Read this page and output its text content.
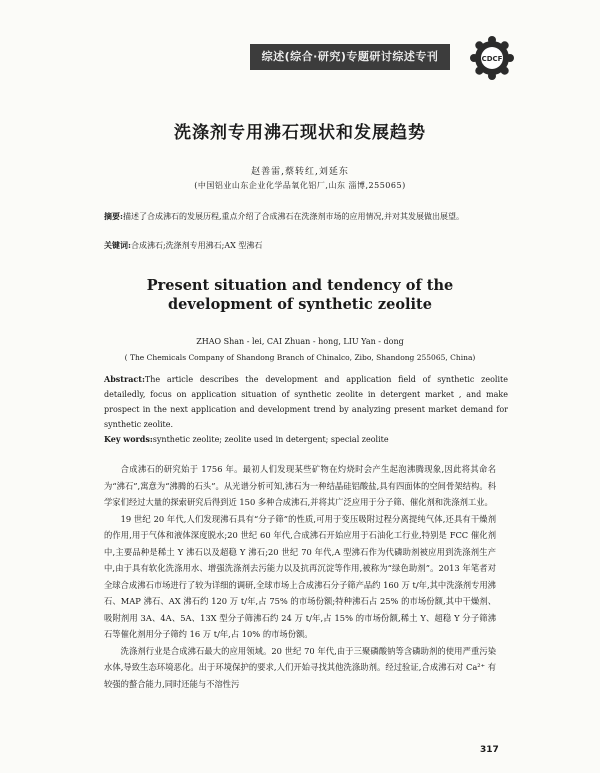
综述(综合·研究)专题研讨综述专刊	CDCF
洗涤剂专用沸石现状和发展趋势
赵善雷,蔡转红,刘延东
(中国铝业山东企业化学品氧化铝厂,山东 淄博,255065)
摘要:描述了合成沸石的发展历程,重点介绍了合成沸石在洗涤剂市场的应用情况,并对其发展做出展望。
关键词:合成沸石;洗涤剂专用沸石;AX 型沸石
Present situation and tendency of the
development of synthetic zeolite
ZHAO Shan - lei, CAI Zhuan - hong, LIU Yan - dong
( The Chemicals Company of Shandong Branch of Chinalco, Zibo, Shandong 255065, China)
Abstract:The article describes the development and application field of synthetic zeolite detailedly, focus on application situation of synthetic zeolite in detergent market , and make prospect in the next application and development trend by analyzing present market demand for synthetic zeolite.
Key words:synthetic zeolite; zeolite used in detergent; special zeolite

合成沸石的研究始于 1756 年。最初人们发现某些矿物在灼烧时会产生起泡沸腾现象,因此将其命名为“沸石”,寓意为“沸腾的石头”。从光谱分析可知,沸石为一种结晶硅铝酸盐,具有四面体的空间骨架结构。科学家们经过大量的探索研究后得到近 150 多种合成沸石,并将其广泛应用于分子筛、催化剂和洗涤剂工业。

19 世纪 20 年代,人们发现沸石具有“分子筛”的性质,可用于变压吸附过程分离提纯气体,还具有干燥剂的作用,用于气体和液体深度脱水;20 世纪 60 年代,合成沸石开始应用于石油化工行业,特别是 FCC 催化剂中,主要品种是稀土 Y 沸石以及超稳 Y 沸石;20 世纪 70 年代,A 型沸石作为代磷助剂被应用到洗涤剂生产中,由于具有软化洗涤用水、增强洗涤剂去污能力以及抗再沉淀等作用,被称为“绿色助剂”。2013 年笔者对全球合成沸石市场进行了较为详细的调研,全球市场上合成沸石分子筛产品约 160 万 t/年,其中洗涤剂专用沸石、MAP 沸石、AX 沸石约 120 万 t/年,占 75% 的市场份额;特种沸石占 25% 的市场份额,其中干燥剂、吸附剂用 3A、4A、5A、13X 型分子筛沸石约 24 万 t/年,占 15% 的市场份额,稀土 Y、超稳 Y 分子筛沸石等催化剂用分子筛约 16 万 t/年,占 10% 的市场份额。

洗涤剂行业是合成沸石最大的应用领域。20 世纪 70 年代,由于三聚磷酸钠等含磷助剂的使用严重污染水体,导致生态环境恶化。出于环境保护的要求,人们开始寻找其他洗涤助剂。经过验证,合成沸石对 Ca²⁺ 有较强的螯合能力,同时还能与不溶性污

317
